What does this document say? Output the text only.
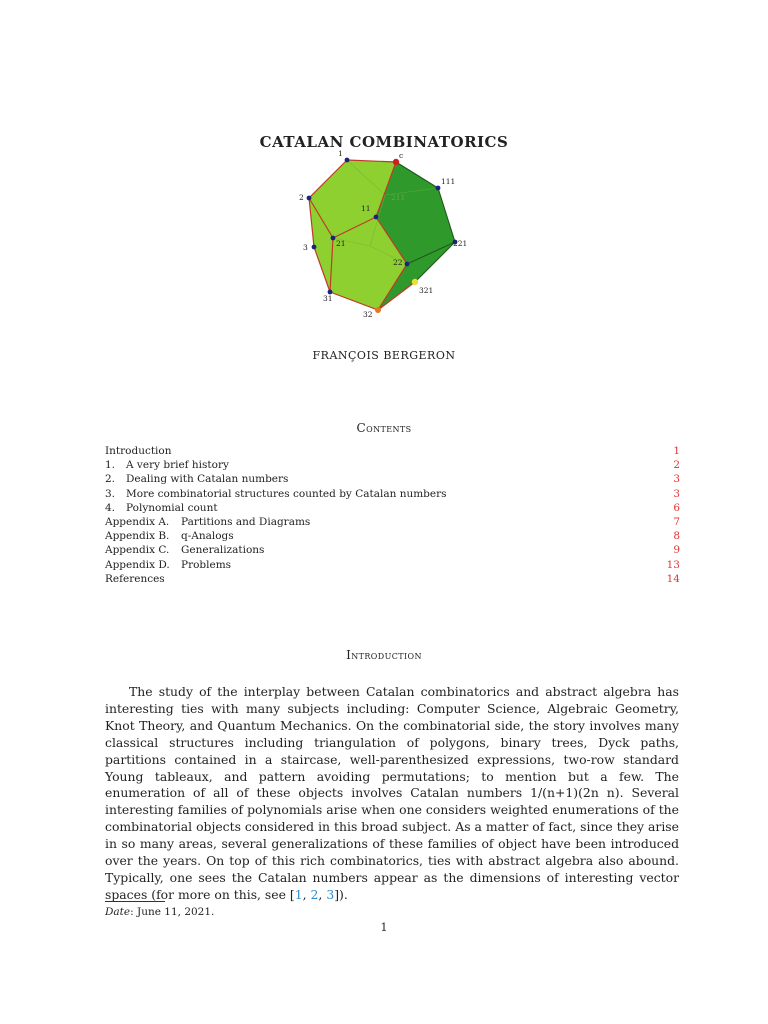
CATALAN COMBINATORICS
1	c
111
2
11
211
3	21	221
22
321
31
32
FRANÇOIS BERGERON
Contents
Introduction	1
1. A very brief history	2
2. Dealing with Catalan numbers	3
3. More combinatorial structures counted by Catalan numbers	3
4. Polynomial count	6
Appendix A. Partitions and Diagrams	7
Appendix B. q-Analogs	8
Appendix C. Generalizations	9
Appendix D. Problems	13
References	14
Introduction
The study of the interplay between Catalan combinatorics and abstract algebra has interesting ties with many subjects including: Computer Science, Algebraic Geometry, Knot Theory, and Quantum Mechanics. On the combinatorial side, the story involves many classical structures including triangulation of polygons, binary trees, Dyck paths, partitions contained in a staircase, well-parenthesized expressions, two-row standard Young tableaux, and pattern avoiding permutations; to mention but a few. The enumeration of all of these objects involves Catalan numbers 1/(n+1)(2n n). Several interesting families of polynomials arise when one considers weighted enumerations of the combinatorial objects considered in this broad subject. As a matter of fact, since they arise in so many areas, several generalizations of these families of object have been introduced over the years. On top of this rich combinatorics, ties with abstract algebra also abound. Typically, one sees the Catalan numbers appear as the dimensions of interesting vector spaces (for more on this, see [1, 2, 3]).
Date: June 11, 2021.
1
